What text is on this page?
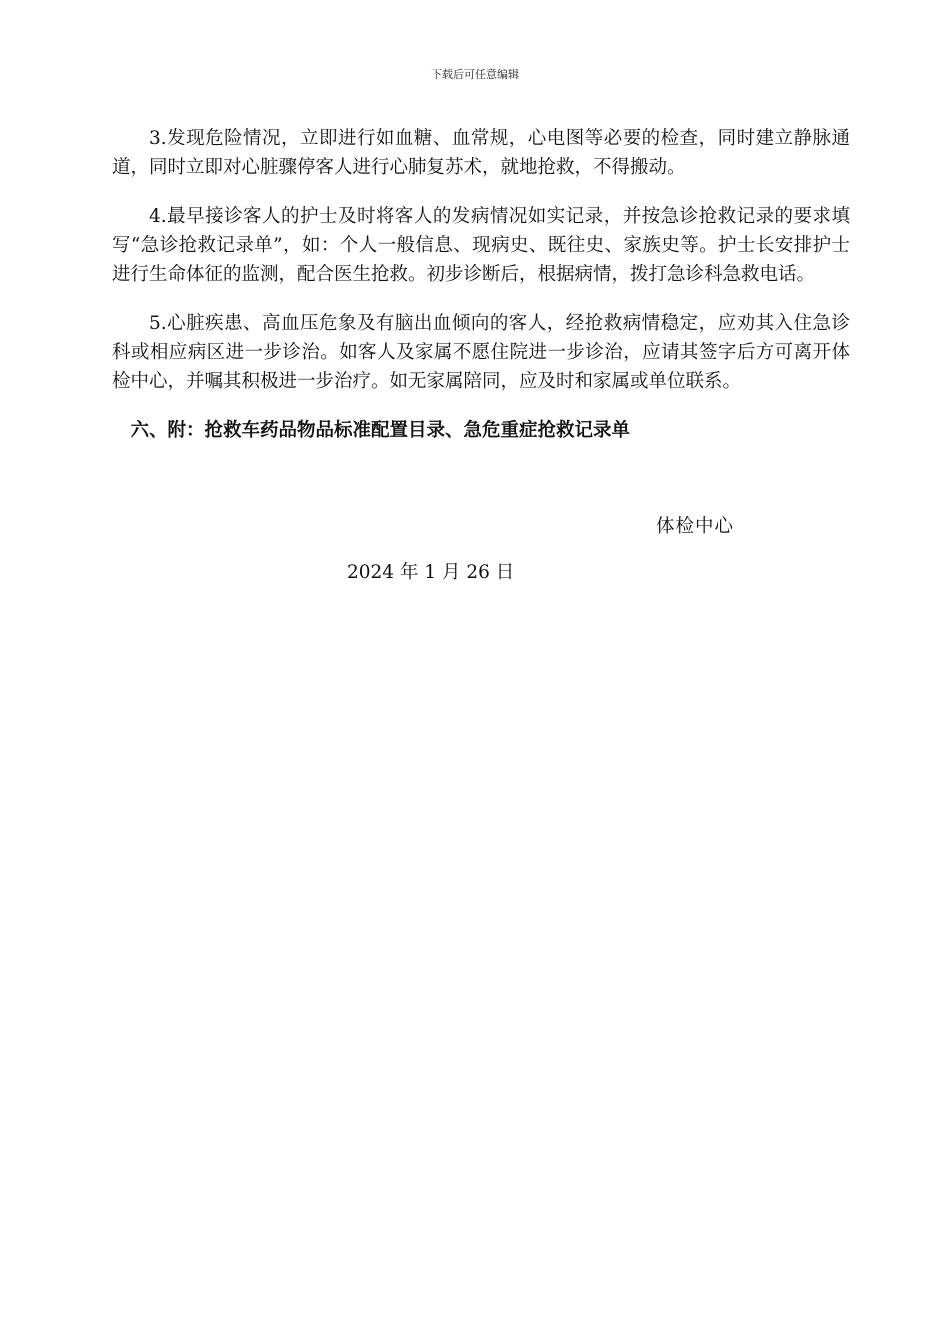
下载后可任意编辑

3.发现危险情况，立即进行如血糖、血常规，心电图等必要的检查，同时建立静脉通道，同时立即对心脏骤停客人进行心肺复苏术，就地抢救，不得搬动。

4.最早接诊客人的护士及时将客人的发病情况如实记录，并按急诊抢救记录的要求填写“急诊抢救记录单”，如：个人一般信息、现病史、既往史、家族史等。护士长安排护士进行生命体征的监测，配合医生抢救。初步诊断后，根据病情，拨打急诊科急救电话。

5.心脏疾患、高血压危象及有脑出血倾向的客人，经抢救病情稳定，应劝其入住急诊科或相应病区进一步诊治。如客人及家属不愿住院进一步诊治，应请其签字后方可离开体检中心，并嘱其积极进一步治疗。如无家属陪同，应及时和家属或单位联系。

六、附：抢救车药品物品标准配置目录、急危重症抢救记录单
体检中心
2024 年 1 月 26 日
